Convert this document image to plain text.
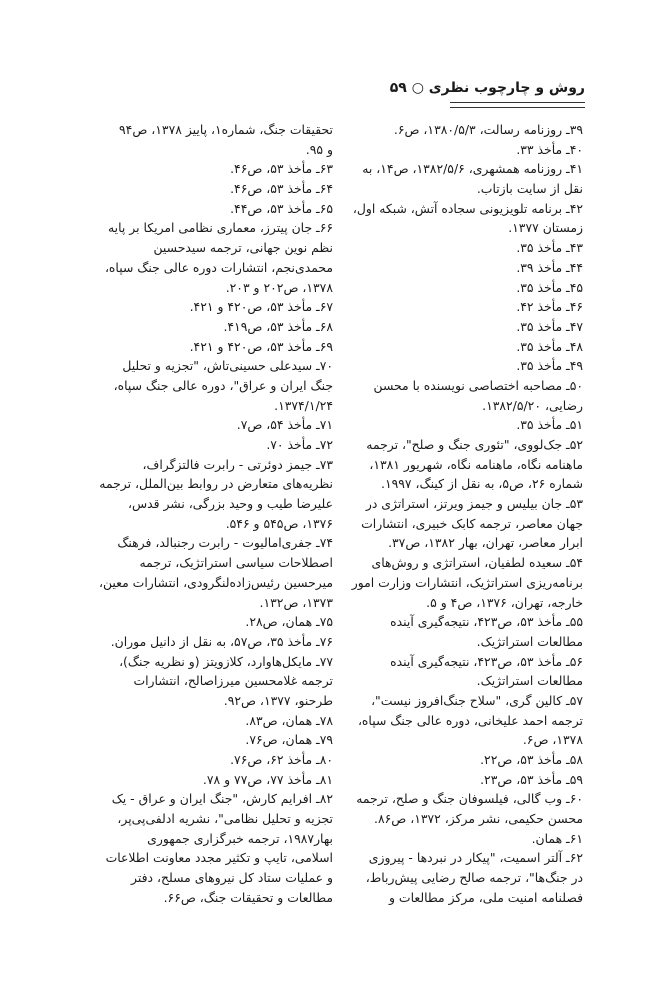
روش و چارچوب نظری ○ ۵۹
۳۹ـ روزنامه رسالت، ۱۳۸۰/۵/۳، ص۶.
۴۰ـ مأخذ ۳۳.
۴۱ـ روزنامه همشهری، ۱۳۸۲/۵/۶، ص۱۴، به
نقل از سایت بازتاب.
۴۲ـ برنامه تلویزیونی سجاده آتش، شبکه اول،
زمستان ۱۳۷۷.
۴۳ـ مأخذ ۳۵.
۴۴ـ مأخذ ۳۹.
۴۵ـ مأخذ ۳۵.
۴۶ـ مأخذ ۴۲.
۴۷ـ مأخذ ۳۵.
۴۸ـ مأخذ ۳۵.
۴۹ـ مأخذ ۳۵.
۵۰ـ مصاحبه اختصاصی نویسنده با محسن
رضایی، ۱۳۸۲/۵/۲۰.
۵۱ـ مأخذ ۳۵.
۵۲ـ جک‌لووی، "تئوری جنگ و صلح"، ترجمه
ماهنامه نگاه، ماهنامه نگاه، شهریور ۱۳۸۱،
شماره ۲۶، ص۵، به نقل از کینگ، ۱۹۹۷.
۵۳ـ جان بیلیس و جیمز ویرتز، استراتژی در
جهان معاصر، ترجمه کابک خبیری، انتشارات
ابرار معاصر، تهران، بهار ۱۳۸۲، ص۳۷.
۵۴ـ سعیده لطفیان، استراتژی و روش‌های
برنامه‌ریزی استراتژیک، انتشارات وزارت امور
خارجه، تهران، ۱۳۷۶، ص۴ و ۵.
۵۵ـ مأخذ ۵۳، ص۴۲۳، نتیجه‌گیری آینده
مطالعات استراتژیک.
۵۶ـ مأخذ ۵۳، ص۴۲۳، نتیجه‌گیری آینده
مطالعات استراتژیک.
۵۷ـ کالین گری، "سلاح جنگ‌افروز نیست"،
ترجمه احمد علیخانی، دوره عالی جنگ سپاه،
۱۳۷۸، ص۶.
۵۸ـ مأخذ ۵۳، ص۲۲.
۵۹ـ مأخذ ۵۳، ص۲۳.
۶۰ـ وب گالی، فیلسوفان جنگ و صلح، ترجمه
محسن حکیمی، نشر مرکز، ۱۳۷۲، ص۸۶.
۶۱ـ همان.
۶۲ـ آلتر اسمیت، "پیکار در نبردها - پیروزی
در جنگ‌ها"، ترجمه صالح رضایی پیش‌رباط،
فصلنامه امنیت ملی، مرکز مطالعات و
تحقیقات جنگ، شماره۱، پاییز ۱۳۷۸، ص۹۴
و ۹۵.
۶۳ـ مأخذ ۵۳، ص۴۶.
۶۴ـ مأخذ ۵۳، ص۴۶.
۶۵ـ مأخذ ۵۳، ص۴۴.
۶۶ـ جان پیترز، معماری نظامی امریکا بر پایه
نظم نوین جهانی، ترجمه سیدحسین
محمدی‌نجم، انتشارات دوره عالی جنگ سپاه،
۱۳۷۸، ص۲۰۲ و ۲۰۳.
۶۷ـ مأخذ ۵۳، ص۴۲۰ و ۴۲۱.
۶۸ـ مأخذ ۵۳، ص۴۱۹.
۶۹ـ مأخذ ۵۳، ص۴۲۰ و ۴۲۱.
۷۰ـ سیدعلی حسینی‌تاش، "تجزیه و تحلیل
جنگ ایران و عراق"، دوره عالی جنگ سپاه،
۱۳۷۴/۱/۲۴.
۷۱ـ مأخذ ۵۴، ص۷.
۷۲ـ مأخذ ۷۰.
۷۳ـ جیمز دوئرتی - رابرت فالتزگراف،
نظریه‌های متعارض در روابط بین‌الملل، ترجمه
علیرضا طیب و وحید بزرگی، نشر قدس،
۱۳۷۶، ص۵۴۵ و ۵۴۶.
۷۴ـ جفری‌امالیوت - رابرت رجنبالد، فرهنگ
اصطلاحات سیاسی استراتژیک، ترجمه
میرحسین رئیس‌زاده‌لنگرودی، انتشارات معین،
۱۳۷۳، ص۱۳۲.
۷۵ـ همان، ص۲۸.
۷۶ـ مأخذ ۳۵، ص۵۷، به نقل از دانیل موران.
۷۷ـ مایکل‌هاوارد، کلازویتز (و نظریه جنگ)،
ترجمه غلامحسین میرزاصالح، انتشارات
طرحنو، ۱۳۷۷، ص۹۲.
۷۸ـ همان، ص۸۳.
۷۹ـ همان، ص۷۶.
۸۰ـ مأخذ ۶۲، ص۷۶.
۸۱ـ مأخذ ۷۷، ص۷۷ و ۷۸.
۸۲ـ افرایم کارش، "جنگ ایران و عراق - یک
تجزیه و تحلیل نظامی"، نشریه ادلفی‌پی‌پر،
بهار۱۹۸۷، ترجمه خبرگزاری جمهوری
اسلامی، تایپ و تکثیر مجدد معاونت اطلاعات
و عملیات ستاد کل نیروهای مسلح، دفتر
مطالعات و تحقیقات جنگ، ص۶۶.
